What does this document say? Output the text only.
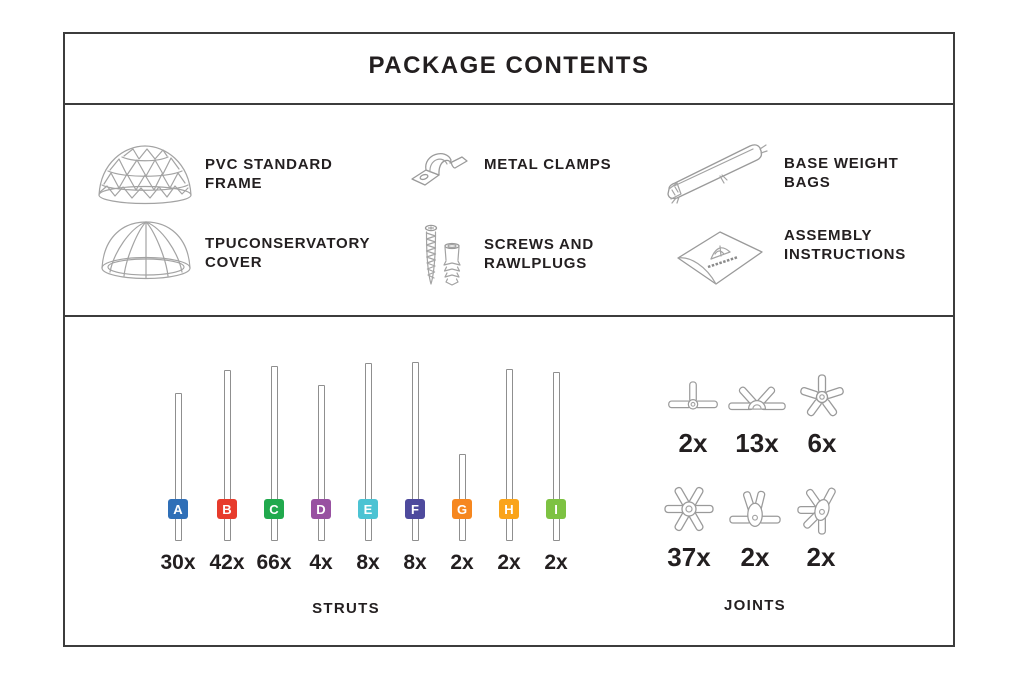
PACKAGE CONTENTS
PVC STANDARD
FRAME
TPUCONSERVATORY
COVER
METAL CLAMPS
SCREWS AND
RAWLPLUGS
BASE WEIGHT
BAGS
ASSEMBLY
INSTRUCTIONS
A
30x
B
42x
C
66x
D
4x
E
8x
F
8x
G
2x
H
2x
I
2x
STRUTS
2x	13x	6x
37x	2x	2x
JOINTS
